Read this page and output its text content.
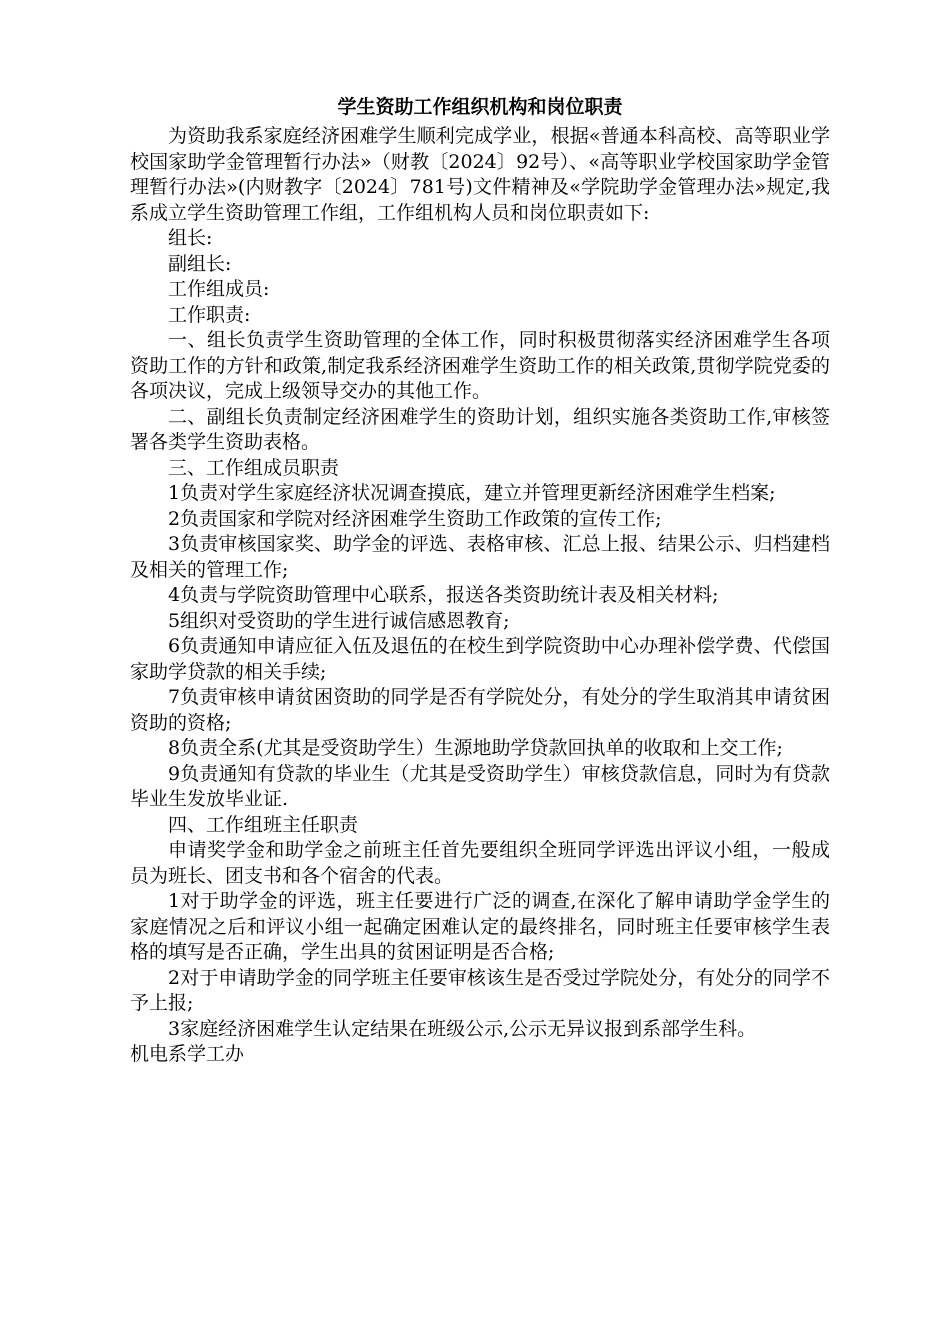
学生资助工作组织机构和岗位职责

为资助我系家庭经济困难学生顺利完成学业，根据«普通本科高校、高等职业学校国家助学金管理暂行办法»（财教〔2024〕92号）、«高等职业学校国家助学金管理暂行办法»(内财教字〔2024〕781号)文件精神及«学院助学金管理办法»规定,我系成立学生资助管理工作组，工作组机构人员和岗位职责如下:

组长:

副组长:

工作组成员:

工作职责:

一、组长负责学生资助管理的全体工作，同时积极贯彻落实经济困难学生各项资助工作的方针和政策,制定我系经济困难学生资助工作的相关政策,贯彻学院党委的各项决议，完成上级领导交办的其他工作。

二、副组长负责制定经济困难学生的资助计划，组织实施各类资助工作,审核签署各类学生资助表格。

三、工作组成员职责

1负责对学生家庭经济状况调查摸底，建立并管理更新经济困难学生档案;

2负责国家和学院对经济困难学生资助工作政策的宣传工作;

3负责审核国家奖、助学金的评选、表格审核、汇总上报、结果公示、归档建档及相关的管理工作;

4负责与学院资助管理中心联系，报送各类资助统计表及相关材料;

5组织对受资助的学生进行诚信感恩教育;

6负责通知申请应征入伍及退伍的在校生到学院资助中心办理补偿学费、代偿国家助学贷款的相关手续;

7负责审核申请贫困资助的同学是否有学院处分，有处分的学生取消其申请贫困资助的资格;

8负责全系(尤其是受资助学生）生源地助学贷款回执单的收取和上交工作;

9负责通知有贷款的毕业生（尤其是受资助学生）审核贷款信息，同时为有贷款毕业生发放毕业证.

四、工作组班主任职责

申请奖学金和助学金之前班主任首先要组织全班同学评选出评议小组，一般成员为班长、团支书和各个宿舍的代表。

1对于助学金的评选，班主任要进行广泛的调查,在深化了解申请助学金学生的家庭情况之后和评议小组一起确定困难认定的最终排名，同时班主任要审核学生表格的填写是否正确，学生出具的贫困证明是否合格;

2对于申请助学金的同学班主任要审核该生是否受过学院处分，有处分的同学不予上报;

3家庭经济困难学生认定结果在班级公示,公示无异议报到系部学生科。

机电系学工办
